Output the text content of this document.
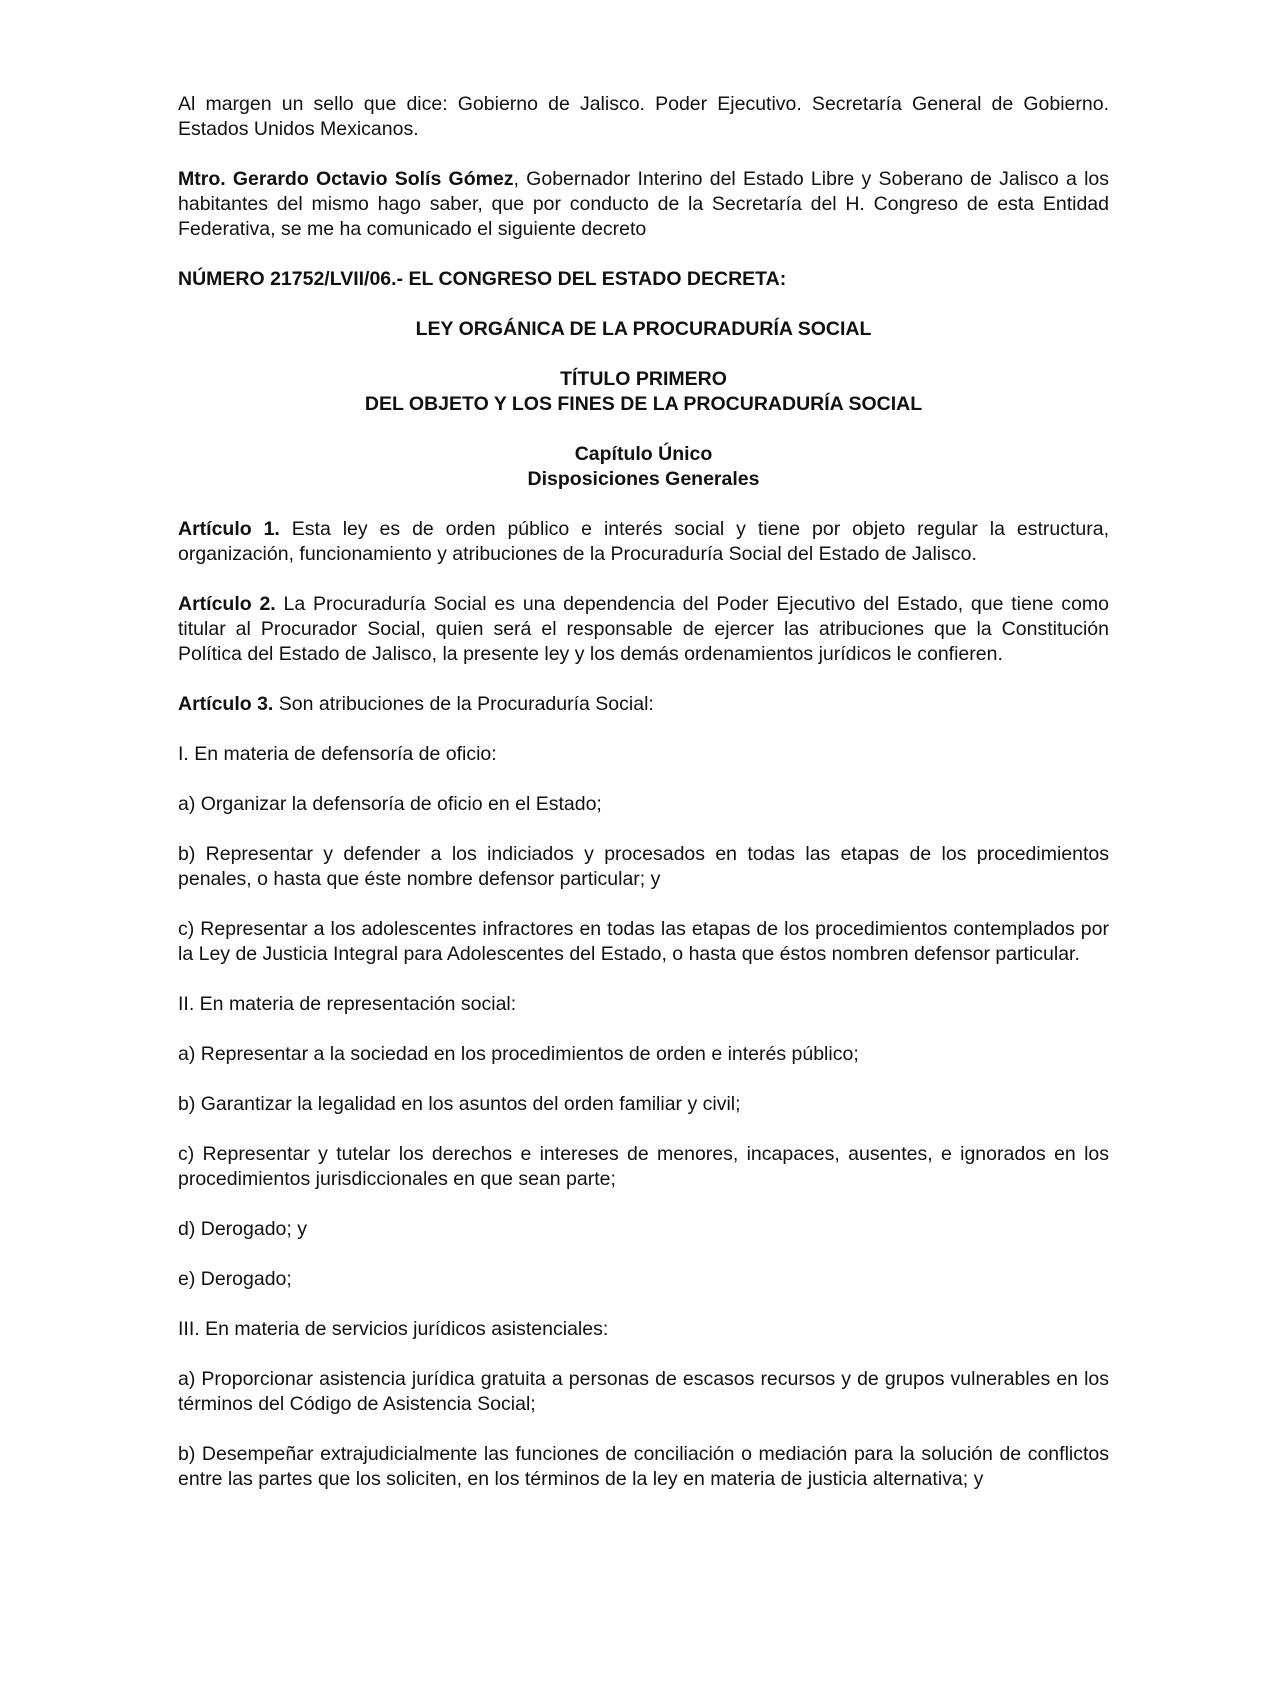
Al margen un sello que dice: Gobierno de Jalisco. Poder Ejecutivo. Secretaría General de Gobierno. Estados Unidos Mexicanos.

Mtro. Gerardo Octavio Solís Gómez, Gobernador Interino del Estado Libre y Soberano de Jalisco a los habitantes del mismo hago saber, que por conducto de la Secretaría del H. Congreso de esta Entidad Federativa, se me ha comunicado el siguiente decreto

NÚMERO 21752/LVII/06.- EL CONGRESO DEL ESTADO DECRETA:

LEY ORGÁNICA DE LA PROCURADURÍA SOCIAL

TÍTULO PRIMERO
DEL OBJETO Y LOS FINES DE LA PROCURADURÍA SOCIAL
Capítulo Único
Disposiciones Generales

Artículo 1. Esta ley es de orden público e interés social y tiene por objeto regular la estructura, organización, funcionamiento y atribuciones de la Procuraduría Social del Estado de Jalisco.

Artículo 2. La Procuraduría Social es una dependencia del Poder Ejecutivo del Estado, que tiene como titular al Procurador Social, quien será el responsable de ejercer las atribuciones que la Constitución Política del Estado de Jalisco, la presente ley y los demás ordenamientos jurídicos le confieren.

Artículo 3. Son atribuciones de la Procuraduría Social:

I. En materia de defensoría de oficio:

a) Organizar la defensoría de oficio en el Estado;

b) Representar y defender a los indiciados y procesados en todas las etapas de los procedimientos penales, o hasta que éste nombre defensor particular; y

c) Representar a los adolescentes infractores en todas las etapas de los procedimientos contemplados por la Ley de Justicia Integral para Adolescentes del Estado, o hasta que éstos nombren defensor particular.

II. En materia de representación social:

a) Representar a la sociedad en los procedimientos de orden e interés público;

b) Garantizar la legalidad en los asuntos del orden familiar y civil;

c) Representar y tutelar los derechos e intereses de menores, incapaces, ausentes, e ignorados en los procedimientos jurisdiccionales en que sean parte;

d) Derogado; y

e) Derogado;

III. En materia de servicios jurídicos asistenciales:

a) Proporcionar asistencia jurídica gratuita a personas de escasos recursos y de grupos vulnerables en los términos del Código de Asistencia Social;

b) Desempeñar extrajudicialmente las funciones de conciliación o mediación para la solución de conflictos entre las partes que los soliciten, en los términos de la ley en materia de justicia alternativa; y
